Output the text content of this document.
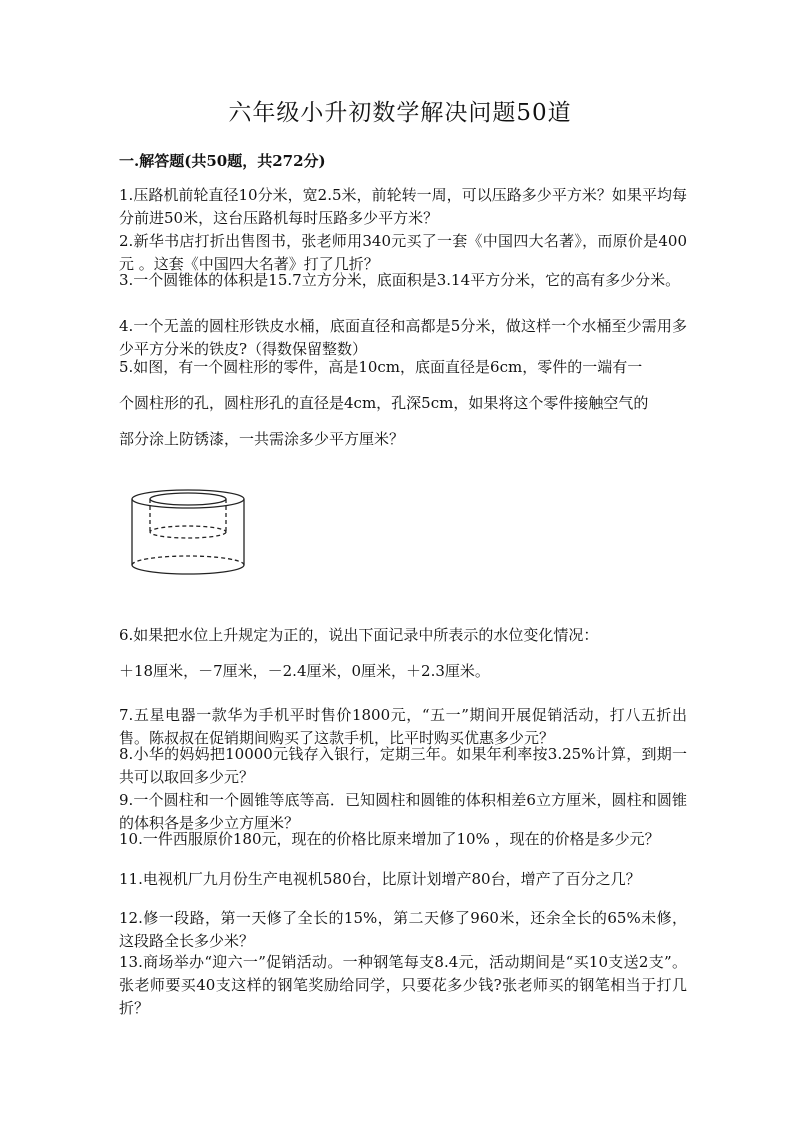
六年级小升初数学解决问题50道

一.解答题(共50题，共272分)

1.压路机前轮直径10分米，宽2.5米，前轮转一周，可以压路多少平方米？如果平均每分前进50米，这台压路机每时压路多少平方米？

2.新华书店打折出售图书，张老师用340元买了一套《中国四大名著》，而原价是400元 。这套《中国四大名著》打了几折？

3.一个圆锥体的体积是15.7立方分米，底面积是3.14平方分米，它的高有多少分米。

4.一个无盖的圆柱形铁皮水桶，底面直径和高都是5分米，做这样一个水桶至少需用多少平方分米的铁皮?（得数保留整数）

5.如图，有一个圆柱形的零件，高是10cm，底面直径是6cm，零件的一端有一

个圆柱形的孔，圆柱形孔的直径是4cm，孔深5cm，如果将这个零件接触空气的

部分涂上防锈漆，一共需涂多少平方厘米？

6.如果把水位上升规定为正的，说出下面记录中所表示的水位变化情况：

＋18厘米，－7厘米，－2.4厘米，0厘米，＋2.3厘米。

7.五星电器一款华为手机平时售价1800元，“五一”期间开展促销活动，打八五折出售。陈叔叔在促销期间购买了这款手机，比平时购买优惠多少元？

8.小华的妈妈把10000元钱存入银行，定期三年。如果年利率按3.25%计算，到期一共可以取回多少元？

9.一个圆柱和一个圆锥等底等高．已知圆柱和圆锥的体积相差6立方厘米，圆柱和圆锥的体积各是多少立方厘米？

10.一件西服原价180元，现在的价格比原来增加了10% ，现在的价格是多少元？

11.电视机厂九月份生产电视机580台，比原计划增产80台，增产了百分之几？

12.修一段路，第一天修了全长的15%，第二天修了960米，还余全长的65%未修，这段路全长多少米？

13.商场举办“迎六一”促销活动。一种钢笔每支8.4元，活动期间是“买10支送2支”。张老师要买40支这样的钢笔奖励给同学，只要花多少钱?张老师买的钢笔相当于打几折？
